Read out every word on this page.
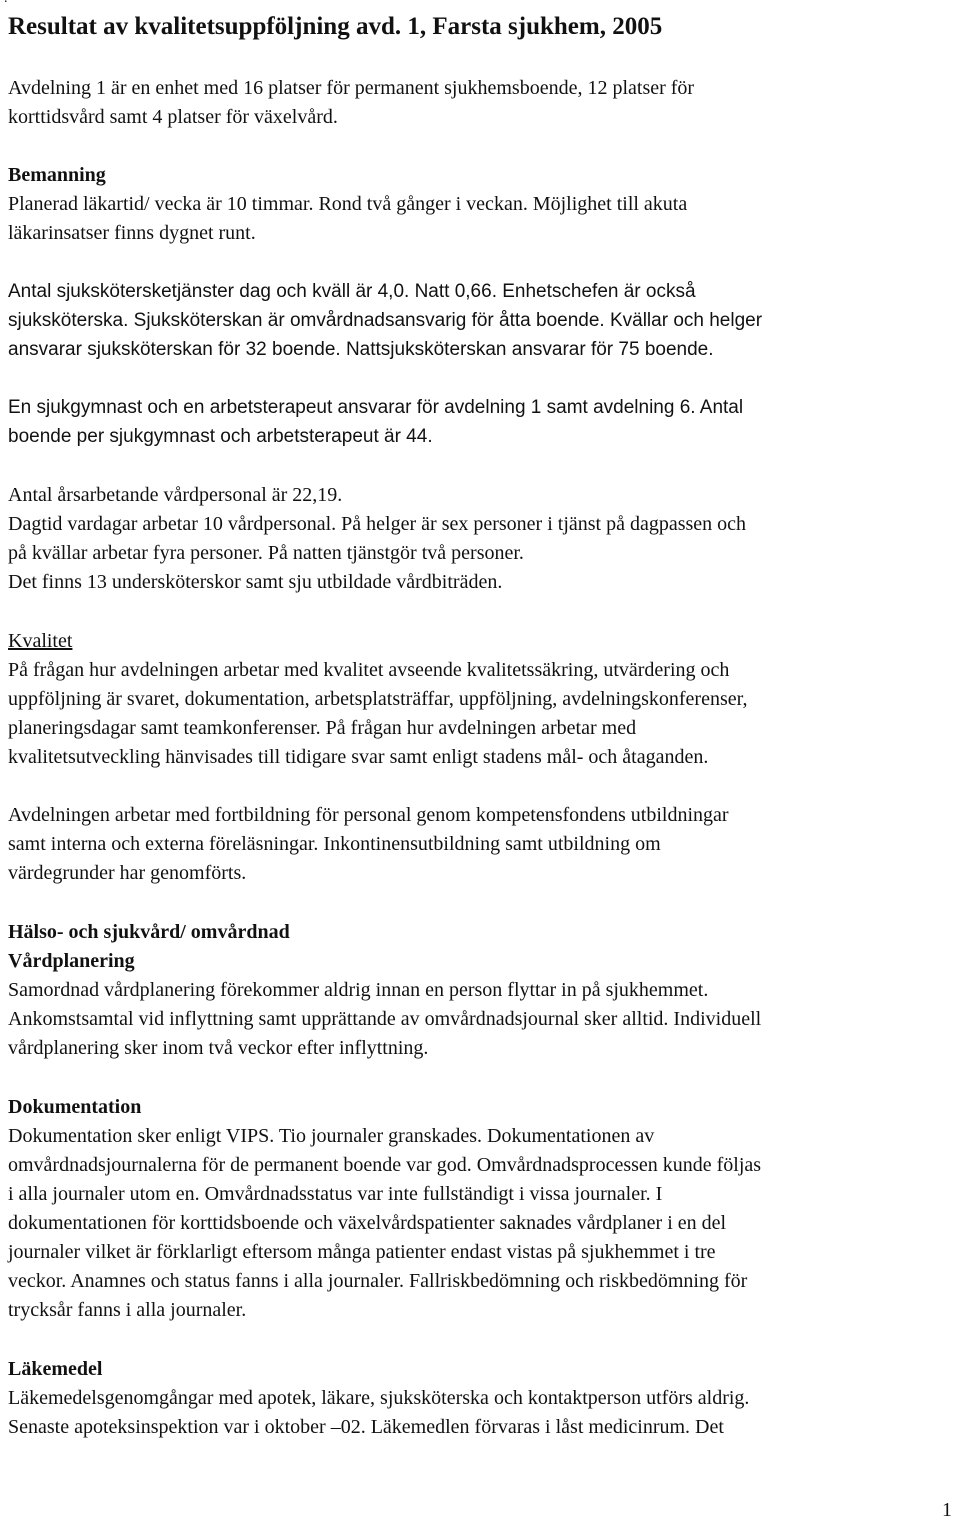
Resultat av kvalitetsuppföljning avd. 1, Farsta sjukhem, 2005

Avdelning 1 är en enhet med 16 platser för permanent sjukhemsboende, 12 platser för
korttidsvård samt 4 platser för växelvård.

Bemanning

Planerad läkartid/ vecka är 10 timmar. Rond två gånger i veckan. Möjlighet till akuta
läkarinsatser finns dygnet runt.

Antal sjukskötersketjänster dag och kväll är 4,0. Natt 0,66. Enhetschefen är också
sjuksköterska. Sjuksköterskan är omvårdnadsansvarig för åtta boende. Kvällar och helger
ansvarar sjuksköterskan för 32 boende. Nattsjuksköterskan ansvarar för 75 boende.

En sjukgymnast och en arbetsterapeut ansvarar för avdelning 1 samt avdelning 6. Antal
boende per sjukgymnast och arbetsterapeut är 44.

Antal årsarbetande vårdpersonal är 22,19.
Dagtid vardagar arbetar 10 vårdpersonal. På helger är sex personer i tjänst på dagpassen och
på kvällar arbetar fyra personer. På natten tjänstgör två personer.
Det finns 13 undersköterskor samt sju utbildade vårdbiträden.

Kvalitet

På frågan hur avdelningen arbetar med kvalitet avseende kvalitetssäkring, utvärdering och
uppföljning är svaret, dokumentation, arbetsplatsträffar, uppföljning, avdelningskonferenser,
planeringsdagar samt teamkonferenser. På frågan hur avdelningen arbetar med
kvalitetsutveckling hänvisades till tidigare svar samt enligt stadens mål- och åtaganden.

Avdelningen arbetar med fortbildning för personal genom kompetensfondens utbildningar
samt interna och externa föreläsningar. Inkontinensutbildning samt utbildning om
värdegrunder har genomförts.

Hälso- och sjukvård/ omvårdnad
Vårdplanering

Samordnad vårdplanering förekommer aldrig innan en person flyttar in på sjukhemmet.
Ankomstsamtal vid inflyttning samt upprättande av omvårdnadsjournal sker alltid. Individuell
vårdplanering sker inom två veckor efter inflyttning.

Dokumentation

Dokumentation sker enligt VIPS. Tio journaler granskades. Dokumentationen av
omvårdnadsjournalerna för de permanent boende var god. Omvårdnadsprocessen kunde följas
i alla journaler utom en. Omvårdnadsstatus var inte fullständigt i vissa journaler. I
dokumentationen för korttidsboende och växelvårdspatienter saknades vårdplaner i en del
journaler vilket är förklarligt eftersom många patienter endast vistas på sjukhemmet i tre
veckor. Anamnes och status fanns i alla journaler. Fallriskbedömning och riskbedömning för
trycksår fanns i alla journaler.

Läkemedel

Läkemedelsgenomgångar med apotek, läkare, sjuksköterska och kontaktperson utförs aldrig.
Senaste apoteksinspektion var i oktober –02. Läkemedlen förvaras i låst medicinrum. Det

1
